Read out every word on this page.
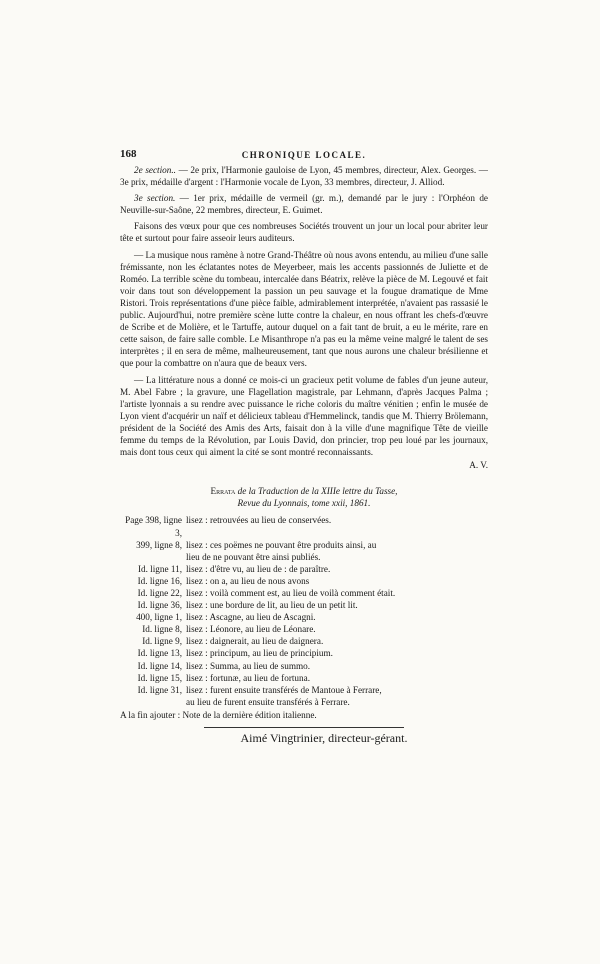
168	CHRONIQUE LOCALE.

2e section.. — 2e prix, l'Harmonie gauloise de Lyon, 45 membres, directeur, Alex. Georges. — 3e prix, médaille d'argent : l'Harmonie vocale de Lyon, 33 membres, directeur, J. Alliod.

3e section. — 1er prix, médaille de vermeil (gr. m.), demandé par le jury : l'Orphéon de Neuville-sur-Saône, 22 membres, directeur, E. Guimet.

Faisons des vœux pour que ces nombreuses Sociétés trouvent un jour un local pour abriter leur tête et surtout pour faire asseoir leurs auditeurs.

— La musique nous ramène à notre Grand-Théâtre où nous avons entendu, au milieu d'une salle frémissante, non les éclatantes notes de Meyerbeer, mais les accents passionnés de Juliette et de Roméo. La terrible scène du tombeau, intercalée dans Béatrix, relève la pièce de M. Legouvé et fait voir dans tout son développement la passion un peu sauvage et la fougue dramatique de Mme Ristori. Trois représentations d'une pièce faible, admirablement interprétée, n'avaient pas rassasié le public. Aujourd'hui, notre première scène lutte contre la chaleur, en nous offrant les chefs-d'œuvre de Scribe et de Molière, et le Tartuffe, autour duquel on a fait tant de bruit, a eu le mérite, rare en cette saison, de faire salle comble. Le Misanthrope n'a pas eu la même veine malgré le talent de ses interprètes ; il en sera de même, malheureusement, tant que nous aurons une chaleur brésilienne et que pour la combattre on n'aura que de beaux vers.

— La littérature nous a donné ce mois-ci un gracieux petit volume de fables d'un jeune auteur, M. Abel Fabre ; la gravure, une Flagellation magistrale, par Lehmann, d'après Jacques Palma ; l'artiste lyonnais a su rendre avec puissance le riche coloris du maître vénitien ; enfin le musée de Lyon vient d'acquérir un naïf et délicieux tableau d'Hemmelinck, tandis que M. Thierry Brölemann, président de la Société des Amis des Arts, faisait don à la ville d'une magnifique Tête de vieille femme du temps de la Révolution, par Louis David, don princier, trop peu loué par les journaux, mais dont tous ceux qui aiment la cité se sont montré reconnaissants.

A. V.

Errata de la Traduction de la XIIIe lettre du Tasse,

Revue du Lyonnais, tome xxii, 1861.

Page 398, ligne 3,
lisez : retrouvées au lieu de conservées.
399, ligne 8, lisez : ces poëmes ne pouvant être produits ainsi, au
lieu de ne pouvant être ainsi publiés.
Id. ligne 11, lisez : d'être vu, au lieu de : de paraître.
Id. ligne 16, lisez : on a, au lieu de nous avons
Id. ligne 22, lisez : voilà comment est, au lieu de voilà comment était.
Id. ligne 36, lisez : une bordure de lit, au lieu de un petit lit.
400, ligne 1, lisez : Ascagne, au lieu de Ascagni.
Id. ligne 8, lisez : Léonore, au lieu de Léonare.
Id. ligne 9, lisez : daignerait, au lieu de daignera.
Id. ligne 13, lisez : principum, au lieu de principium.
Id. ligne 14, lisez : Summa, au lieu de summo.
Id. ligne 15, lisez : fortunæ, au lieu de fortuna.
Id. ligne 31, lisez : furent ensuite transférés de Mantoue à Ferrare,
au lieu de furent ensuite transférés à Ferrare.
A la fin ajouter : Note de la dernière édition italienne.
Aimé Vingtrinier, directeur-gérant.
